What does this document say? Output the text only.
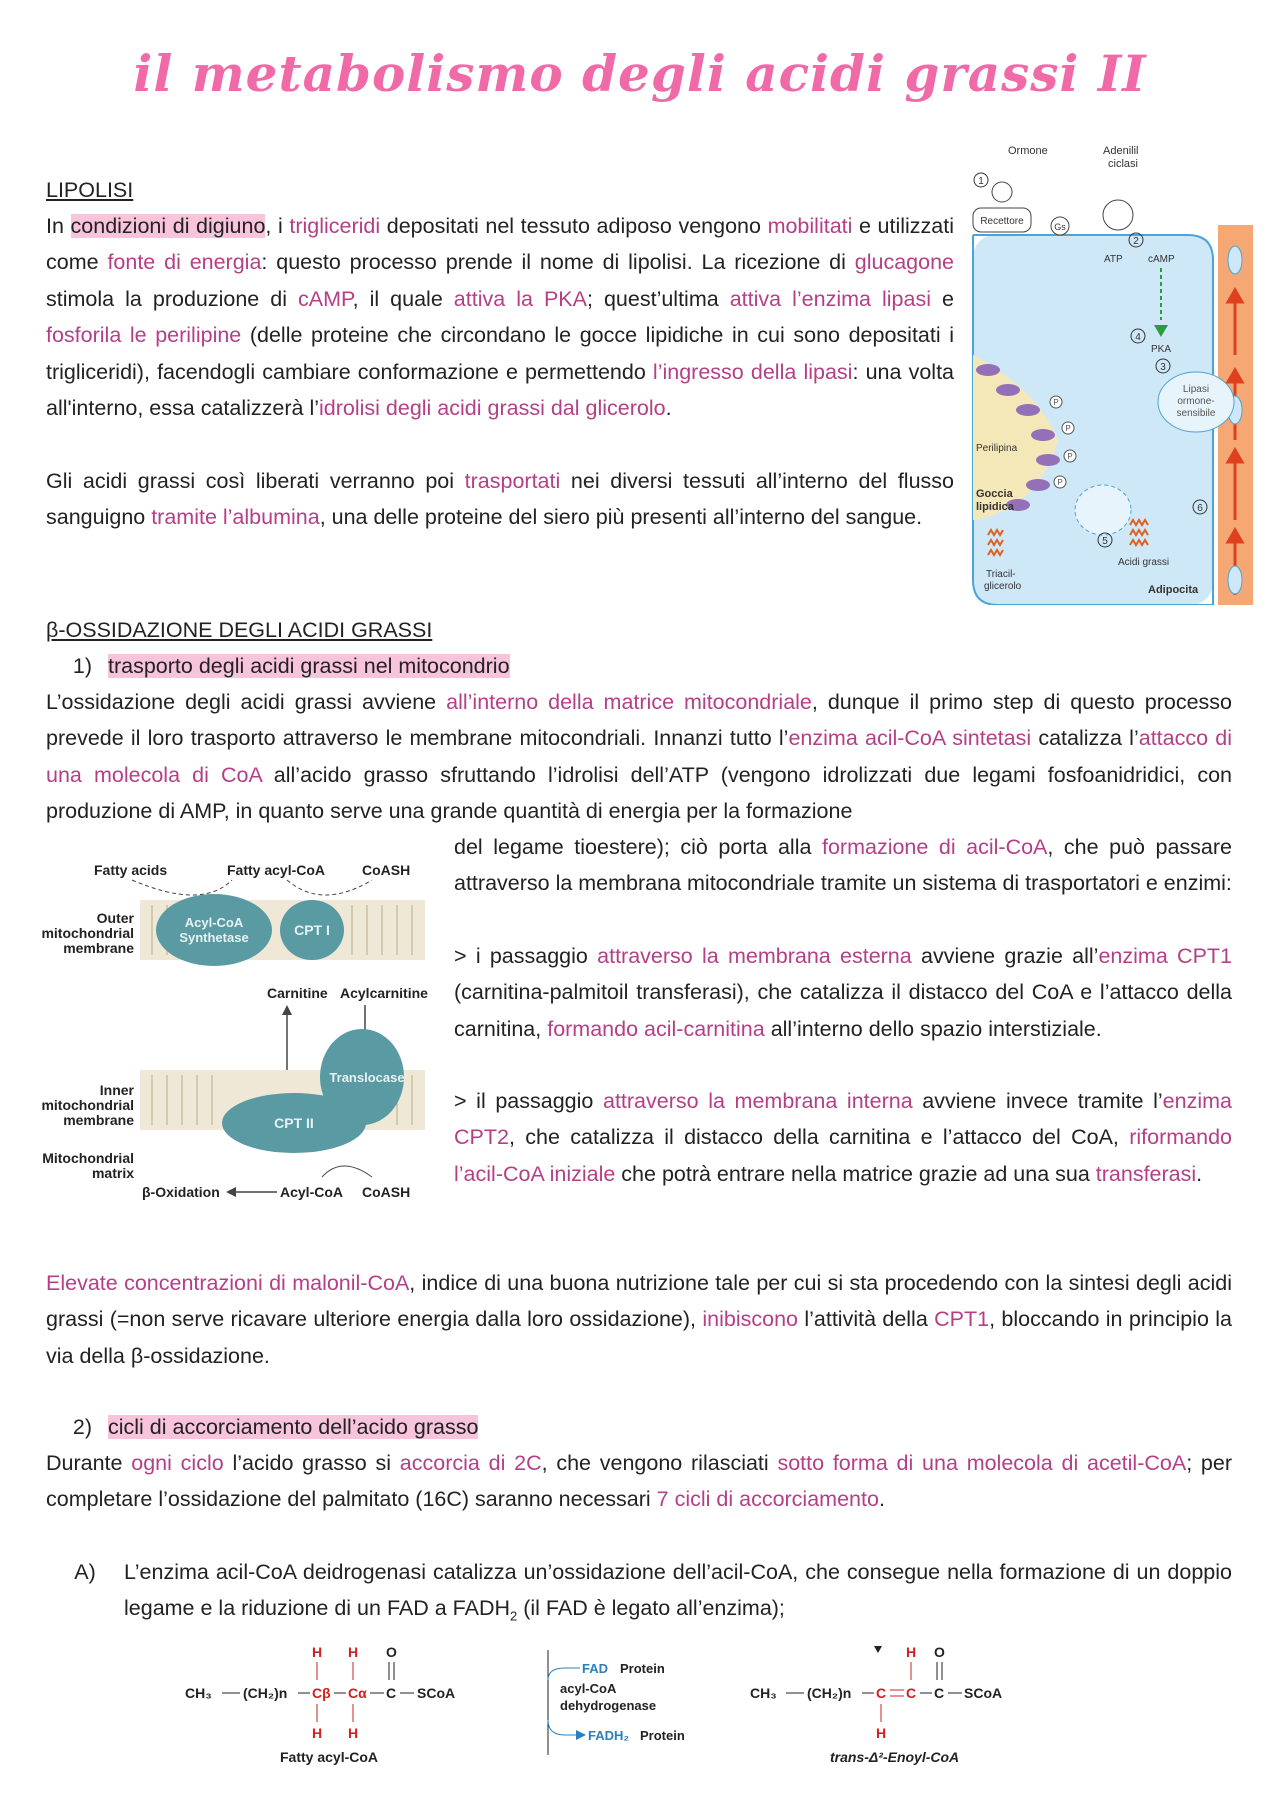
il metabolismo degli acidi grassi II
LIPOLISI
In condizioni di digiuno, i trigliceridi depositati nel tessuto adiposo vengono mobilitati e utilizzati come fonte di energia: questo processo prende il nome di lipolisi. La ricezione di glucagone stimola la produzione di cAMP, il quale attiva la PKA; quest’ultima attiva l’enzima lipasi e fosforila le perilipine (delle proteine che circondano le gocce lipidiche in cui sono depositati i trigliceridi), facendogli cambiare conformazione e permettendo l’ingresso della lipasi: una volta all'interno, essa catalizzerà l’idrolisi degli acidi grassi dal glicerolo.
Gli acidi grassi così liberati verranno poi trasportati nei diversi tessuti all’interno del flusso sanguigno tramite l’albumina, una delle proteine del siero più presenti all’interno del sangue.
Ormone	Adenilil
ciclasi
1
Recettore	Gs
2
ATP	cAMP
PKA
4
3
Lipasi
ormone-
sensibile
P
P
P
P
Perilipina
Goccia
lipidica
5
Acidi grassi
6
Triacil-
glicerolo	Adipocita
β-OSSIDAZIONE DEGLI ACIDI GRASSI
1) trasporto degli acidi grassi nel mitocondrio
L’ossidazione degli acidi grassi avviene all’interno della matrice mitocondriale, dunque il primo step di questo processo prevede il loro trasporto attraverso le membrane mitocondriali. Innanzi tutto l’enzima acil-CoA sintetasi catalizza l’attacco di una molecola di CoA all’acido grasso sfruttando l’idrolisi dell’ATP (vengono idrolizzati due legami fosfoanidridici, con produzione di AMP, in quanto serve una grande quantità di energia per la formazione
del legame tioestere); ciò porta alla formazione di acil-CoA, che può passare attraverso la membrana mitocondriale tramite un sistema di trasportatori e enzimi:
> i passaggio attraverso la membrana esterna avviene grazie all’enzima CPT1 (carnitina-palmitoil transferasi), che catalizza il distacco del CoA e l’attacco della carnitina, formando acil-carnitina all’interno dello spazio interstiziale.
> il passaggio attraverso la membrana interna avviene invece tramite l’enzima CPT2, che catalizza il distacco della carnitina e l’attacco del CoA, riformando l’acil-CoA iniziale che potrà entrare nella matrice grazie ad una sua transferasi.
Fatty acids	Fatty acyl-CoA	CoASH
Outer
mitochondrial
membrane
Acyl-CoA
Synthetase	CPT I
Carnitine Acylcarnitine
Inner
mitochondrial
membrane
Translocase
CPT II
Mitochondrial
matrix
β-Oxidation	Acyl-CoA CoASH
Elevate concentrazioni di malonil-CoA, indice di una buona nutrizione tale per cui si sta procedendo con la sintesi degli acidi grassi (=non serve ricavare ulteriore energia dalla loro ossidazione), inibiscono l’attività della CPT1, bloccando in principio la via della β-ossidazione.
2) cicli di accorciamento dell’acido grasso
Durante ogni ciclo l’acido grasso si accorcia di 2C, che vengono rilasciati sotto forma di una molecola di acetil-CoA; per completare l’ossidazione del palmitato (16C) saranno necessari 7 cicli di accorciamento.
A)	L’enzima acil-CoA deidrogenasi catalizza un’ossidazione dell’acil-CoA, che consegue nella formazione di un doppio legame e la riduzione di un FAD a $FADH_2$ (il FAD è legato all’enzima);
CH₃ (CH₂)n Cβ Cα C SCoA
O
H H
H H
Fatty acyl-CoA
FAD Protein
acyl-CoA
dehydrogenase
FADH₂ Protein
CH₃ (CH₂)n C C C SCoA
H O
H
trans-Δ²-Enoyl-CoA
